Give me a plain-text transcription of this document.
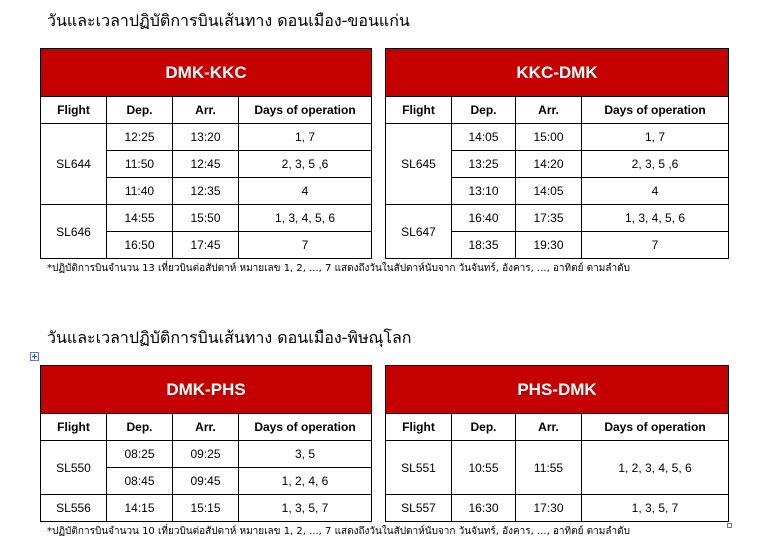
วันและเวลาปฏิบัติการบินเส้นทาง ดอนเมือง-ขอนแก่น
DMK-KKC			
Flight	Dep.	Arr.	Days of operation
SL644	12:25	13:20	1, 7
	11:50	12:45	2, 3, 5 ,6
	11:40	12:35	4
SL646	14:55	15:50	1, 3, 4, 5, 6
	16:50	17:45	7
KKC-DMK			
Flight	Dep.	Arr.	Days of operation
SL645	14:05	15:00	1, 7
	13:25	14:20	2, 3, 5 ,6
	13:10	14:05	4
SL647	16:40	17:35	1, 3, 4, 5, 6
	18:35	19:30	7
*ปฏิบัติการบินจำนวน 13 เที่ยวบินต่อสัปดาห์ หมายเลข 1, 2, ..., 7 แสดงถึงวันในสัปดาห์นับจาก วันจันทร์, อังคาร, ..., อาทิตย์ ตามลำดับ
วันและเวลาปฏิบัติการบินเส้นทาง ดอนเมือง-พิษณุโลก
DMK-PHS			
Flight	Dep.	Arr.	Days of operation
SL550	08:25	09:25	3, 5
	08:45	09:45	1, 2, 4, 6
SL556	14:15	15:15	1, 3, 5, 7
PHS-DMK			
Flight	Dep.	Arr.	Days of operation
SL551	10:55	11:55	1, 2, 3, 4, 5, 6
SL557	16:30	17:30	1, 3, 5, 7
*ปฏิบัติการบินจำนวน 10 เที่ยวบินต่อสัปดาห์ หมายเลข 1, 2, ..., 7 แสดงถึงวันในสัปดาห์นับจาก วันจันทร์, อังคาร, ..., อาทิตย์ ตามลำดับ
